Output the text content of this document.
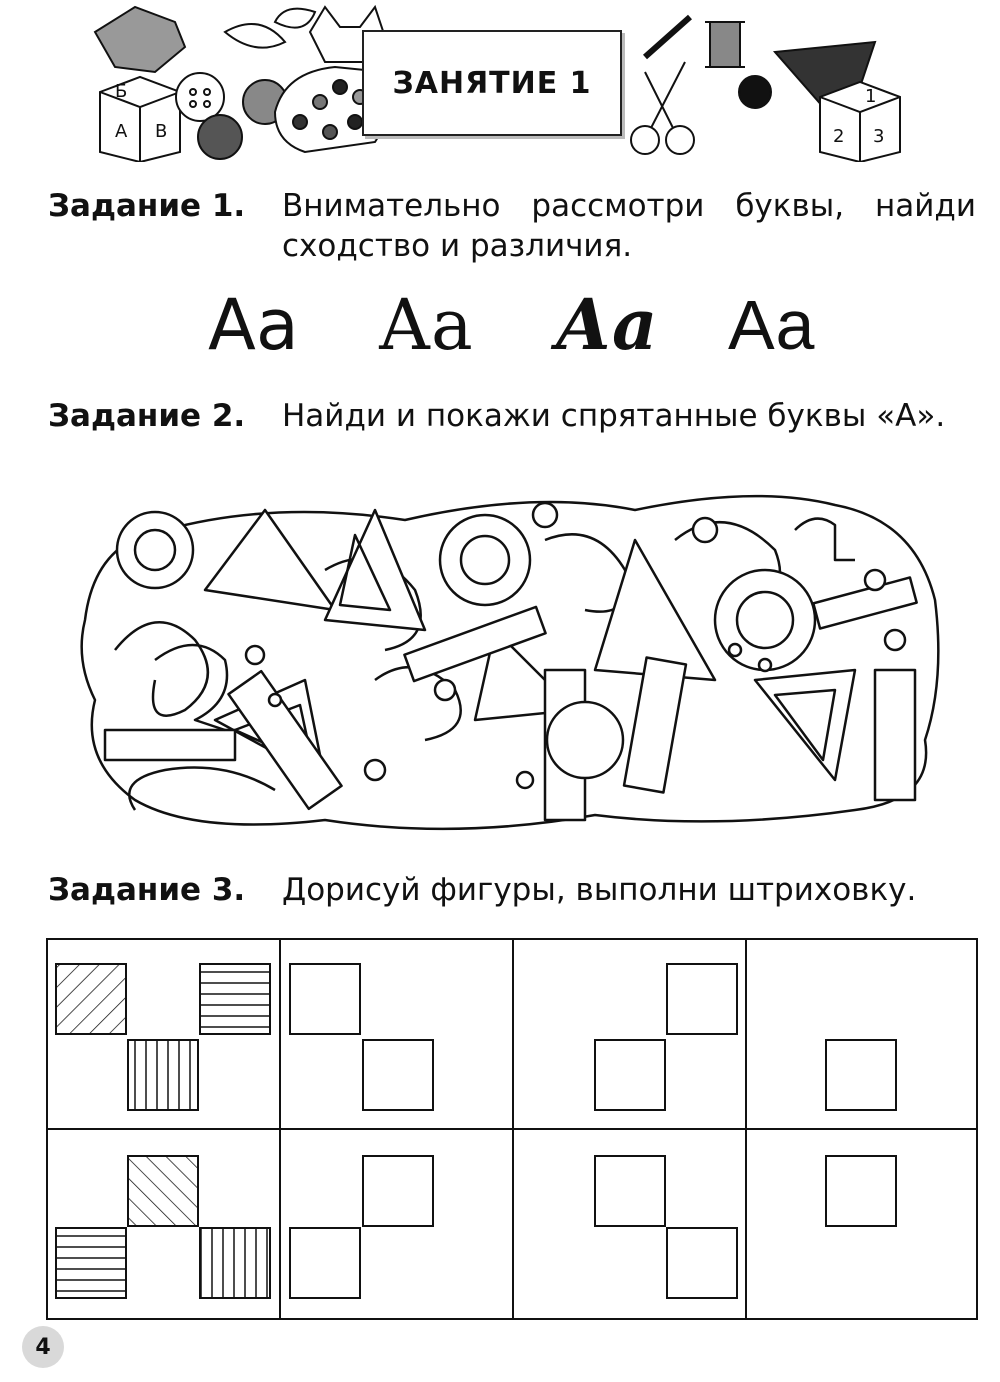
Б
А В
1
2 3
ЗАНЯТИЕ 1
Задание 1. Внимательно рассмотри буквы, найди сходство и различия.
Аа Аа Аа Аа
Задание 2. Найди и покажи спрятанные буквы «А».
Задание 3. Дорисуй фигуры, выполни штриховку.
4
